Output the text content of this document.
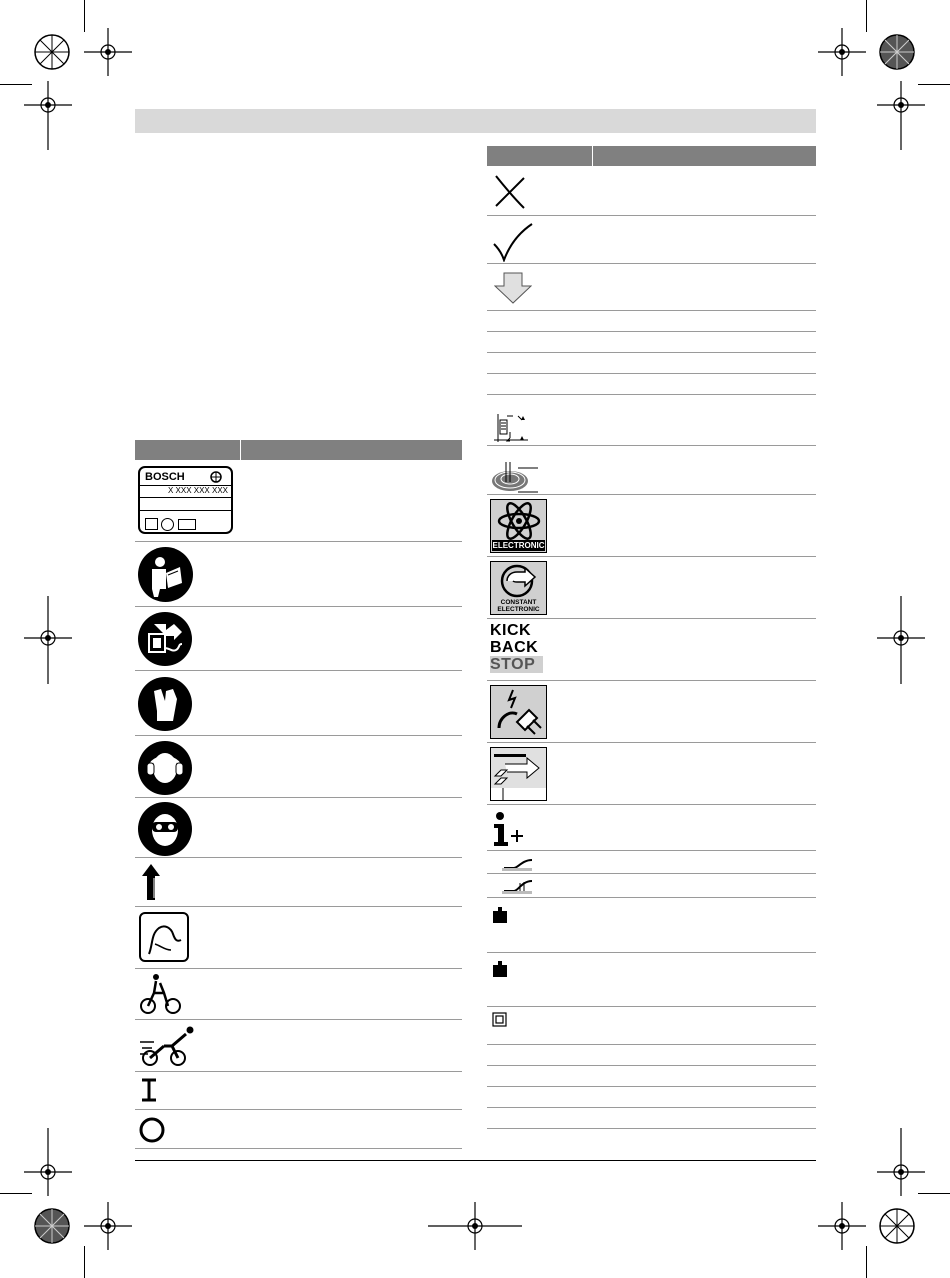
BOSCH
X XXX XXX XXX
ELECTRONIC
CONSTANT
ELECTRONIC
KICK
BACK
STOP
